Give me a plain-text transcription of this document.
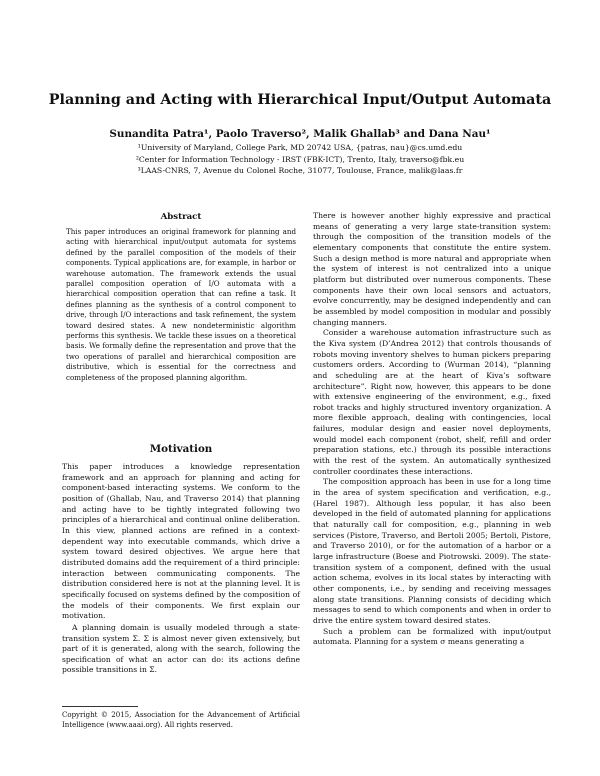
Planning and Acting with Hierarchical Input/Output Automata
Sunandita Patra¹, Paolo Traverso², Malik Ghallab³ and Dana Nau¹
¹University of Maryland, College Park, MD 20742 USA, {patras, nau}@cs.umd.edu
²Center for Information Technology - IRST (FBK-ICT), Trento, Italy, traverso@fbk.eu
³LAAS-CNRS, 7, Avenue du Colonel Roche, 31077, Toulouse, France, malik@laas.fr
Abstract
This paper introduces an original framework for planning and acting with hierarchical input/output automata for systems defined by the parallel composition of the models of their components. Typical applications are, for example, in harbor or warehouse automation. The framework extends the usual parallel composition operation of I/O automata with a hierarchical composition operation that can refine a task. It defines planning as the synthesis of a control component to drive, through I/O interactions and task refinement, the system toward desired states. A new nondeterministic algorithm performs this synthesis. We tackle these issues on a theoretical basis. We formally define the representation and prove that the two operations of parallel and hierarchical composition are distributive, which is essential for the correctness and completeness of the proposed planning algorithm.
Motivation

This paper introduces a knowledge representation framework and an approach for planning and acting for component-based interacting systems. We conform to the position of (Ghallab, Nau, and Traverso 2014) that planning and acting have to be tightly integrated following two principles of a hierarchical and continual online deliberation. In this view, planned actions are refined in a context-dependent way into executable commands, which drive a system toward desired objectives. We argue here that distributed domains add the requirement of a third principle: interaction between communicating components. The distribution considered here is not at the planning level. It is specifically focused on systems defined by the composition of the models of their components. We first explain our motivation.

A planning domain is usually modeled through a state-transition system Σ. Σ is almost never given extensively, but part of it is generated, along with the search, following the specification of what an actor can do: its actions define possible transitions in Σ.

Copyright © 2015, Association for the Advancement of Artificial Intelligence (www.aaai.org). All rights reserved.

There is however another highly expressive and practical means of generating a very large state-transition system: through the composition of the transition models of the elementary components that constitute the entire system. Such a design method is more natural and appropriate when the system of interest is not centralized into a unique platform but distributed over numerous components. These components have their own local sensors and actuators, evolve concurrently, may be designed independently and can be assembled by model composition in modular and possibly changing manners.

Consider a warehouse automation infrastructure such as the Kiva system (D’Andrea 2012) that controls thousands of robots moving inventory shelves to human pickers preparing customers orders. According to (Wurman 2014), “planning and scheduling are at the heart of Kiva’s software architecture”. Right now, however, this appears to be done with extensive engineering of the environment, e.g., fixed robot tracks and highly structured inventory organization. A more flexible approach, dealing with contingencies, local failures, modular design and easier novel deployments, would model each component (robot, shelf, refill and order preparation stations, etc.) through its possible interactions with the rest of the system. An automatically synthesized controller coordinates these interactions.

The composition approach has been in use for a long time in the area of system specification and verification, e.g., (Harel 1987). Although less popular, it has also been developed in the field of automated planning for applications that naturally call for composition, e.g., planning in web services (Pistore, Traverso, and Bertoli 2005; Bertoli, Pistore, and Traverso 2010), or for the automation of a harbor or a large infrastructure (Boese and Piotrowski. 2009). The state-transition system of a component, defined with the usual action schema, evolves in its local states by interacting with other components, i.e., by sending and receiving messages along state transitions. Planning consists of deciding which messages to send to which components and when in order to drive the entire system toward desired states.

Such a problem can be formalized with input/output automata. Planning for a system σ means generating a
